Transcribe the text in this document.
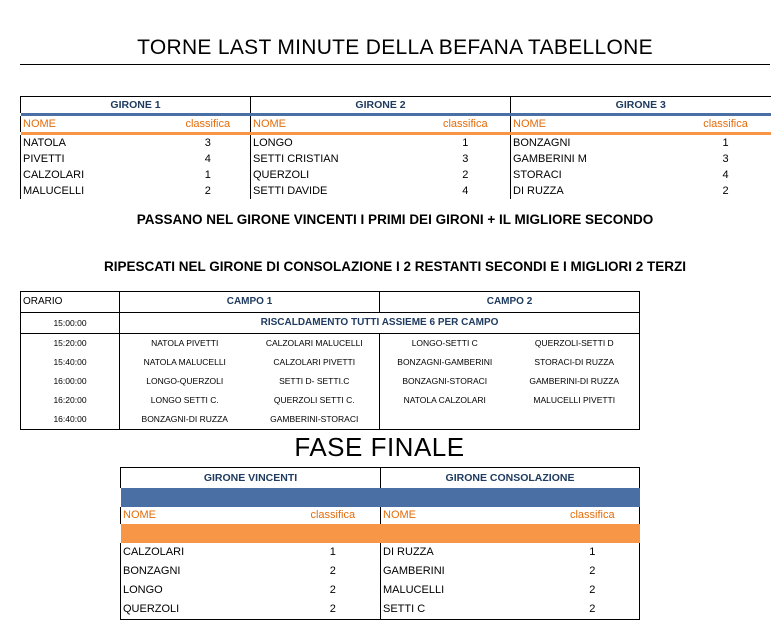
TORNE LAST MINUTE DELLA BEFANA TABELLONE
GIRONE 1		GIRONE 2		GIRONE 3	

NOME	classifica	NOME	classifica	NOME	classifica

NATOLA	3	LONGO	1	BONZAGNI	1
PIVETTI	4	SETTI CRISTIAN	3	GAMBERINI M	3
CALZOLARI	1	QUERZOLI	2	STORACI	4
MALUCELLI	2	SETTI DAVIDE	4	DI RUZZA	2
PASSANO NEL GIRONE VINCENTI I PRIMI DEI GIRONI + IL MIGLIORE SECONDO
RIPESCATI NEL GIRONE DI CONSOLAZIONE I 2 RESTANTI SECONDI E I MIGLIORI 2 TERZI
ORARIO	CAMPO 1		CAMPO 2	
15:00:00	RISCALDAMENTO TUTTI ASSIEME 6 PER CAMPO			
15:20:00	NATOLA PIVETTI	CALZOLARI MALUCELLI	LONGO-SETTI C	QUERZOLI-SETTI D
15:40:00	NATOLA MALUCELLI	CALZOLARI PIVETTI	BONZAGNI-GAMBERINI	STORACI-DI RUZZA
16:00:00	LONGO-QUERZOLI	SETTI D- SETTI.C	BONZAGNI-STORACI	GAMBERINI-DI RUZZA
16:20:00	LONGO SETTI C.	QUERZOLI SETTI C.	NATOLA CALZOLARI	MALUCELLI PIVETTI
16:40:00	BONZAGNI-DI RUZZA	GAMBERINI-STORACI		
FASE FINALE
GIRONE VINCENTI		GIRONE CONSOLAZIONE	

NOME	classifica	NOME	classifica

CALZOLARI	1	DI RUZZA	1
BONZAGNI	2	GAMBERINI	2
LONGO	2	MALUCELLI	2
QUERZOLI	2	SETTI C	2
